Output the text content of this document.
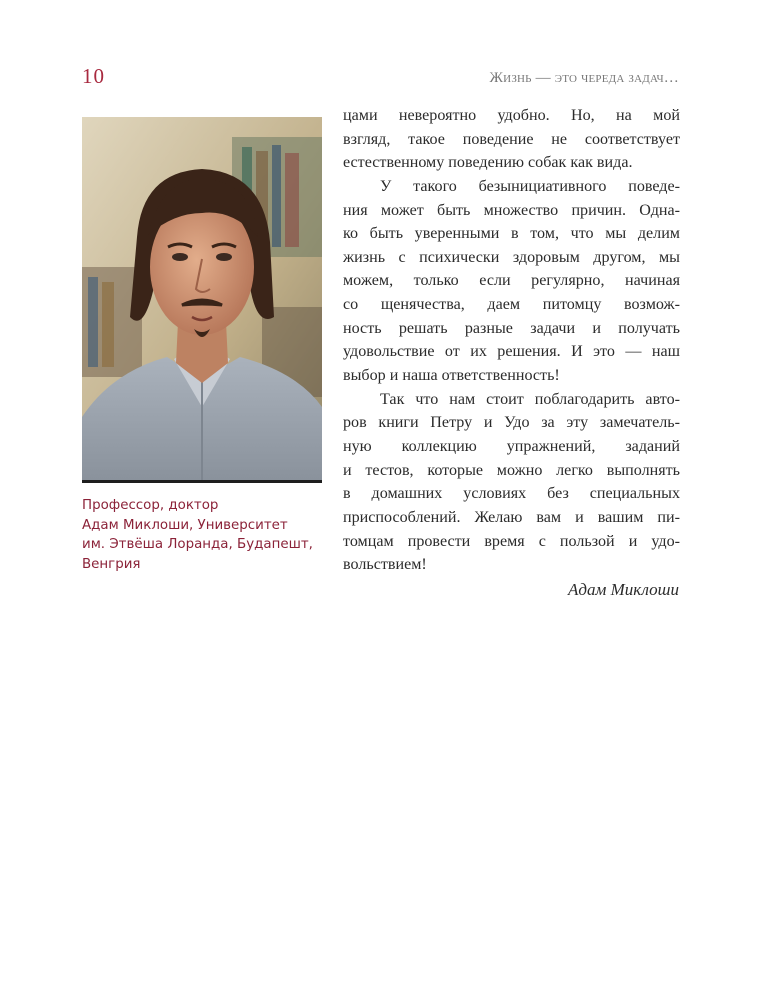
10	Жизнь — это череда задач…
Профессор, доктор
Адам Миклоши, Университет
им. Этвёша Лоранда, Будапешт,
Венгрия
цами невероятно удобно. Но, на мой
взгляд, такое поведение не соответствует
естественному поведению собак как вида.
У такого безынициативного поведе-
ния может быть множество причин. Одна-
ко быть уверенными в том, что мы делим
жизнь с психически здоровым другом, мы
можем, только если регулярно, начиная
со щенячества, даем питомцу возмож-
ность решать разные задачи и получать
удовольствие от их решения. И это — наш
выбор и наша ответственность!
Так что нам стоит поблагодарить авто-
ров книги Петру и Удо за эту замечатель-
ную коллекцию упражнений, заданий
и тестов, которые можно легко выполнять
в домашних условиях без специальных
приспособлений. Желаю вам и вашим пи-
томцам провести время с пользой и удо-
вольствием!
Адам Миклоши
